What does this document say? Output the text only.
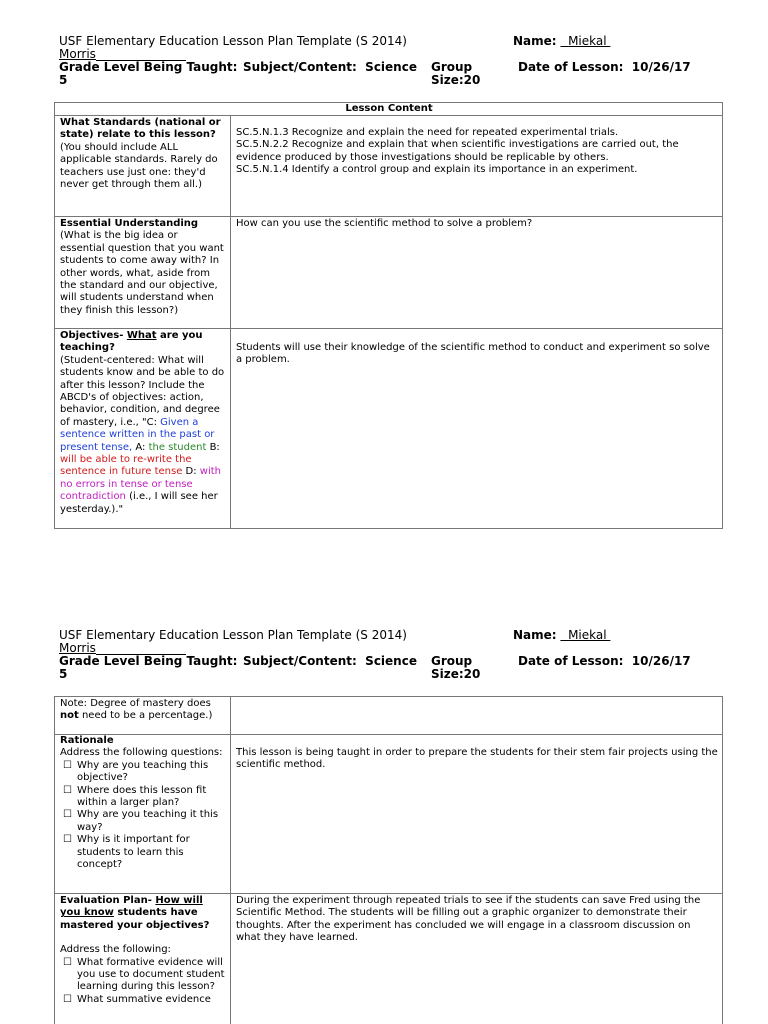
USF Elementary Education Lesson Plan Template (S 2014)	Name: Miekal
Morris
Grade Level Being Taught:
5
Subject/Content: Science Group
Size:20
Date of Lesson: 10/26/17
Lesson Content
What Standards (national or state) relate to this lesson?
(You should include ALL applicable standards. Rarely do teachers use just one: they'd never get through them all.)
SC.5.N.1.3 Recognize and explain the need for repeated experimental trials.
SC.5.N.2.2 Recognize and explain that when scientific investigations are carried out, the evidence produced by those investigations should be replicable by others.
SC.5.N.1.4 Identify a control group and explain its importance in an experiment.
Essential Understanding
(What is the big idea or essential question that you want students to come away with? In other words, what, aside from the standard and our objective, will students understand when they finish this lesson?)
How can you use the scientific method to solve a problem?
Objectives- What are you teaching?
(Student-centered: What will students know and be able to do after this lesson? Include the ABCD's of objectives: action, behavior, condition, and degree of mastery, i.e., "C: Given a sentence written in the past or present tense, A: the student B: will be able to re-write the sentence in future tense D: with no errors in tense or tense contradiction (i.e., I will see her yesterday.)."
Students will use their knowledge of the scientific method to conduct and experiment so solve a problem.
USF Elementary Education Lesson Plan Template (S 2014)	Name: Miekal
Morris
Grade Level Being Taught:
5
Subject/Content: Science Group
Size:20
Date of Lesson: 10/26/17
Note: Degree of mastery does not need to be a percentage.)
Rationale
Address the following questions:
☐ Why are you teaching this objective?
☐ Where does this lesson fit within a larger plan?
☐ Why are you teaching it this way?
☐ Why is it important for students to learn this concept?
This lesson is being taught in order to prepare the students for their stem fair projects using the scientific method.
Evaluation Plan- How will you know students have mastered your objectives?
Address the following:
☐ What formative evidence will you use to document student learning during this lesson?
☐ What summative evidence
During the experiment through repeated trials to see if the students can save Fred using the Scientific Method. The students will be filling out a graphic organizer to demonstrate their thoughts. After the experiment has concluded we will engage in a classroom discussion on what they have learned.
